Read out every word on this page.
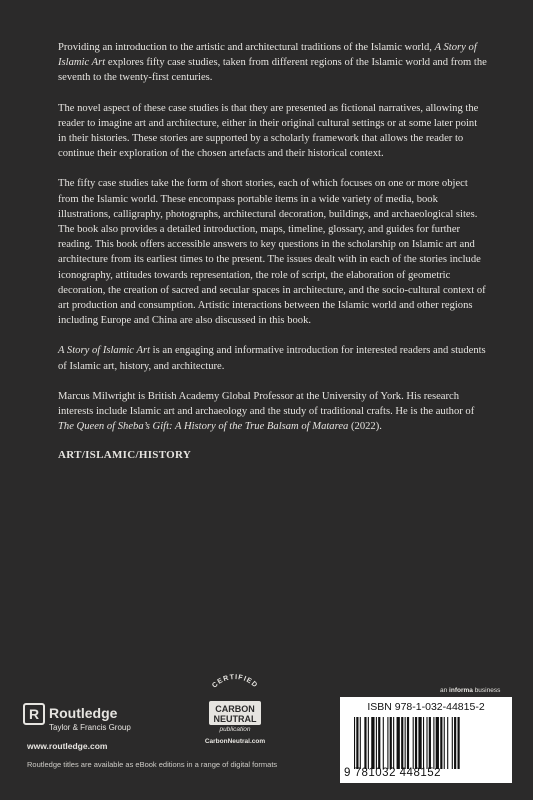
Providing an introduction to the artistic and architectural traditions of the Islamic world, A Story of Islamic Art explores fifty case studies, taken from different regions of the Islamic world and from the seventh to the twenty-first centuries.

The novel aspect of these case studies is that they are presented as fictional narratives, allowing the reader to imagine art and architecture, either in their original cultural settings or at some later point in their histories. These stories are supported by a scholarly framework that allows the reader to continue their exploration of the chosen artefacts and their historical context.

The fifty case studies take the form of short stories, each of which focuses on one or more object from the Islamic world. These encompass portable items in a wide variety of media, book illustrations, calligraphy, photographs, architectural decoration, buildings, and archaeological sites. The book also provides a detailed introduction, maps, timeline, glossary, and guides for further reading. This book offers accessible answers to key questions in the scholarship on Islamic art and architecture from its earliest times to the present. The issues dealt with in each of the stories include iconography, attitudes towards representation, the role of script, the elaboration of geometric decoration, the creation of sacred and secular spaces in architecture, and the socio-cultural context of art production and consumption. Artistic interactions between the Islamic world and other regions including Europe and China are also discussed in this book.

A Story of Islamic Art is an engaging and informative introduction for interested readers and students of Islamic art, history, and architecture.

Marcus Milwright is British Academy Global Professor at the University of York. His research interests include Islamic art and archaeology and the study of traditional crafts. He is the author of The Queen of Sheba’s Gift: A History of the True Balsam of Matarea (2022).

ART/ISLAMIC/HISTORY
R Routledge
Taylor & Francis Group
www.routledge.com
Routledge titles are available as eBook editions in a range of digital formats
CERTIFIED
CARBON
NEUTRAL
publication
CarbonNeutral.com
an informa business
ISBN 978-1-032-44815-2
9 781032 448152
